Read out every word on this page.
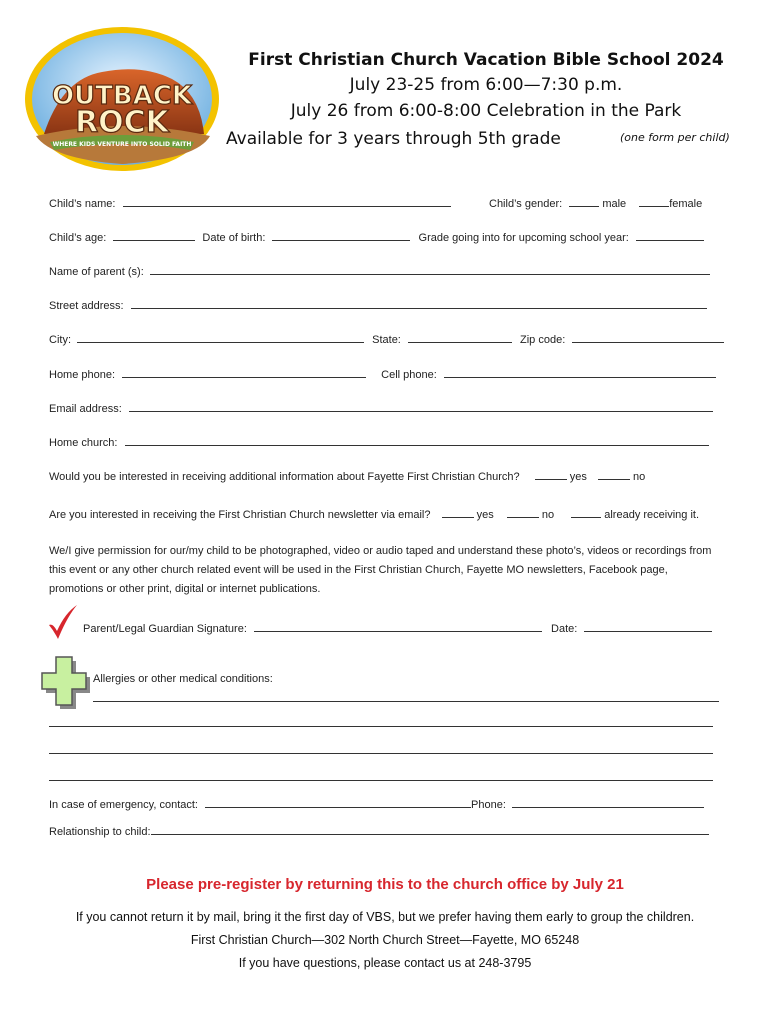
OUTBACK
ROCK
WHERE KIDS VENTURE INTO SOLID FAITH
First Christian Church Vacation Bible School 2024
July 23-25 from 6:00—7:30 p.m.
July 26 from 6:00-8:00 Celebration in the Park
Available for 3 years through 5th grade	(one form per child)
Child’s name:	Child’s gender:	male	female
Child’s age:	Date of birth:	Grade going into for upcoming school year:
Name of parent (s):
Street address:
City:	State:	Zip code:
Home phone:	Cell phone:
Email address:
Home church:
Would you be interested in receiving additional information about Fayette First Christian Church?	yes	no
Are you interested in receiving the First Christian Church newsletter via email?	yes	no	already receiving it.
We/I give permission for our/my child to be photographed, video or audio taped and understand these photo’s, videos or recordings from this event or any other church related event will be used in the First Christian Church, Fayette MO newsletters, Facebook page, promotions or other print, digital or internet publications.
Parent/Legal Guardian Signature:	Date:
Allergies or other medical conditions:
In case of emergency, contact:	Phone:
Relationship to child:
Please pre-register by returning this to the church office by July 21
If you cannot return it by mail, bring it the first day of VBS, but we prefer having them early to group the children.
First Christian Church—302 North Church Street—Fayette, MO 65248
If you have questions, please contact us at 248-3795
